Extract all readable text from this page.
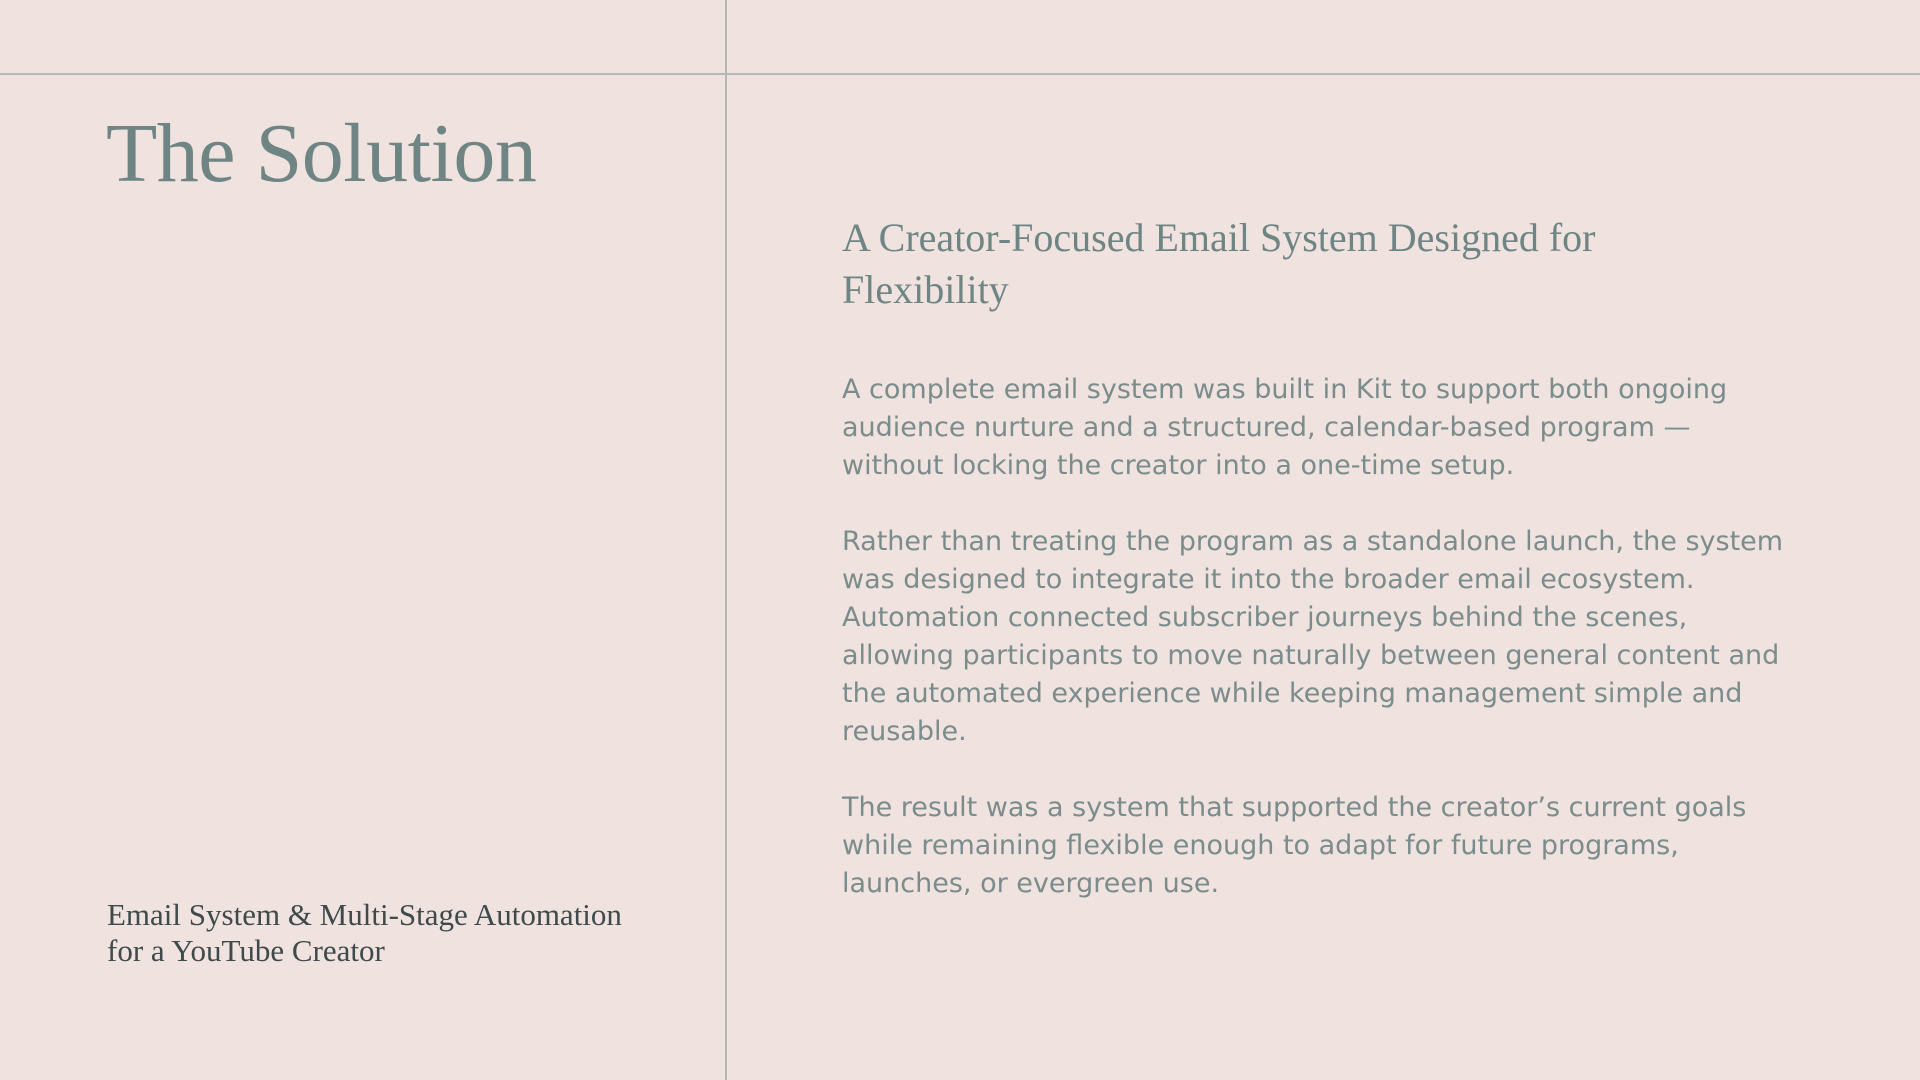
The Solution
Email System & Multi-Stage Automation
for a YouTube Creator
A Creator-Focused Email System Designed for
Flexibility

A complete email system was built in Kit to support both ongoing
audience nurture and a structured, calendar-based program —
without locking the creator into a one-time setup.

Rather than treating the program as a standalone launch, the system
was designed to integrate it into the broader email ecosystem.
Automation connected subscriber journeys behind the scenes,
allowing participants to move naturally between general content and
the automated experience while keeping management simple and
reusable.

The result was a system that supported the creator’s current goals
while remaining flexible enough to adapt for future programs,
launches, or evergreen use.
